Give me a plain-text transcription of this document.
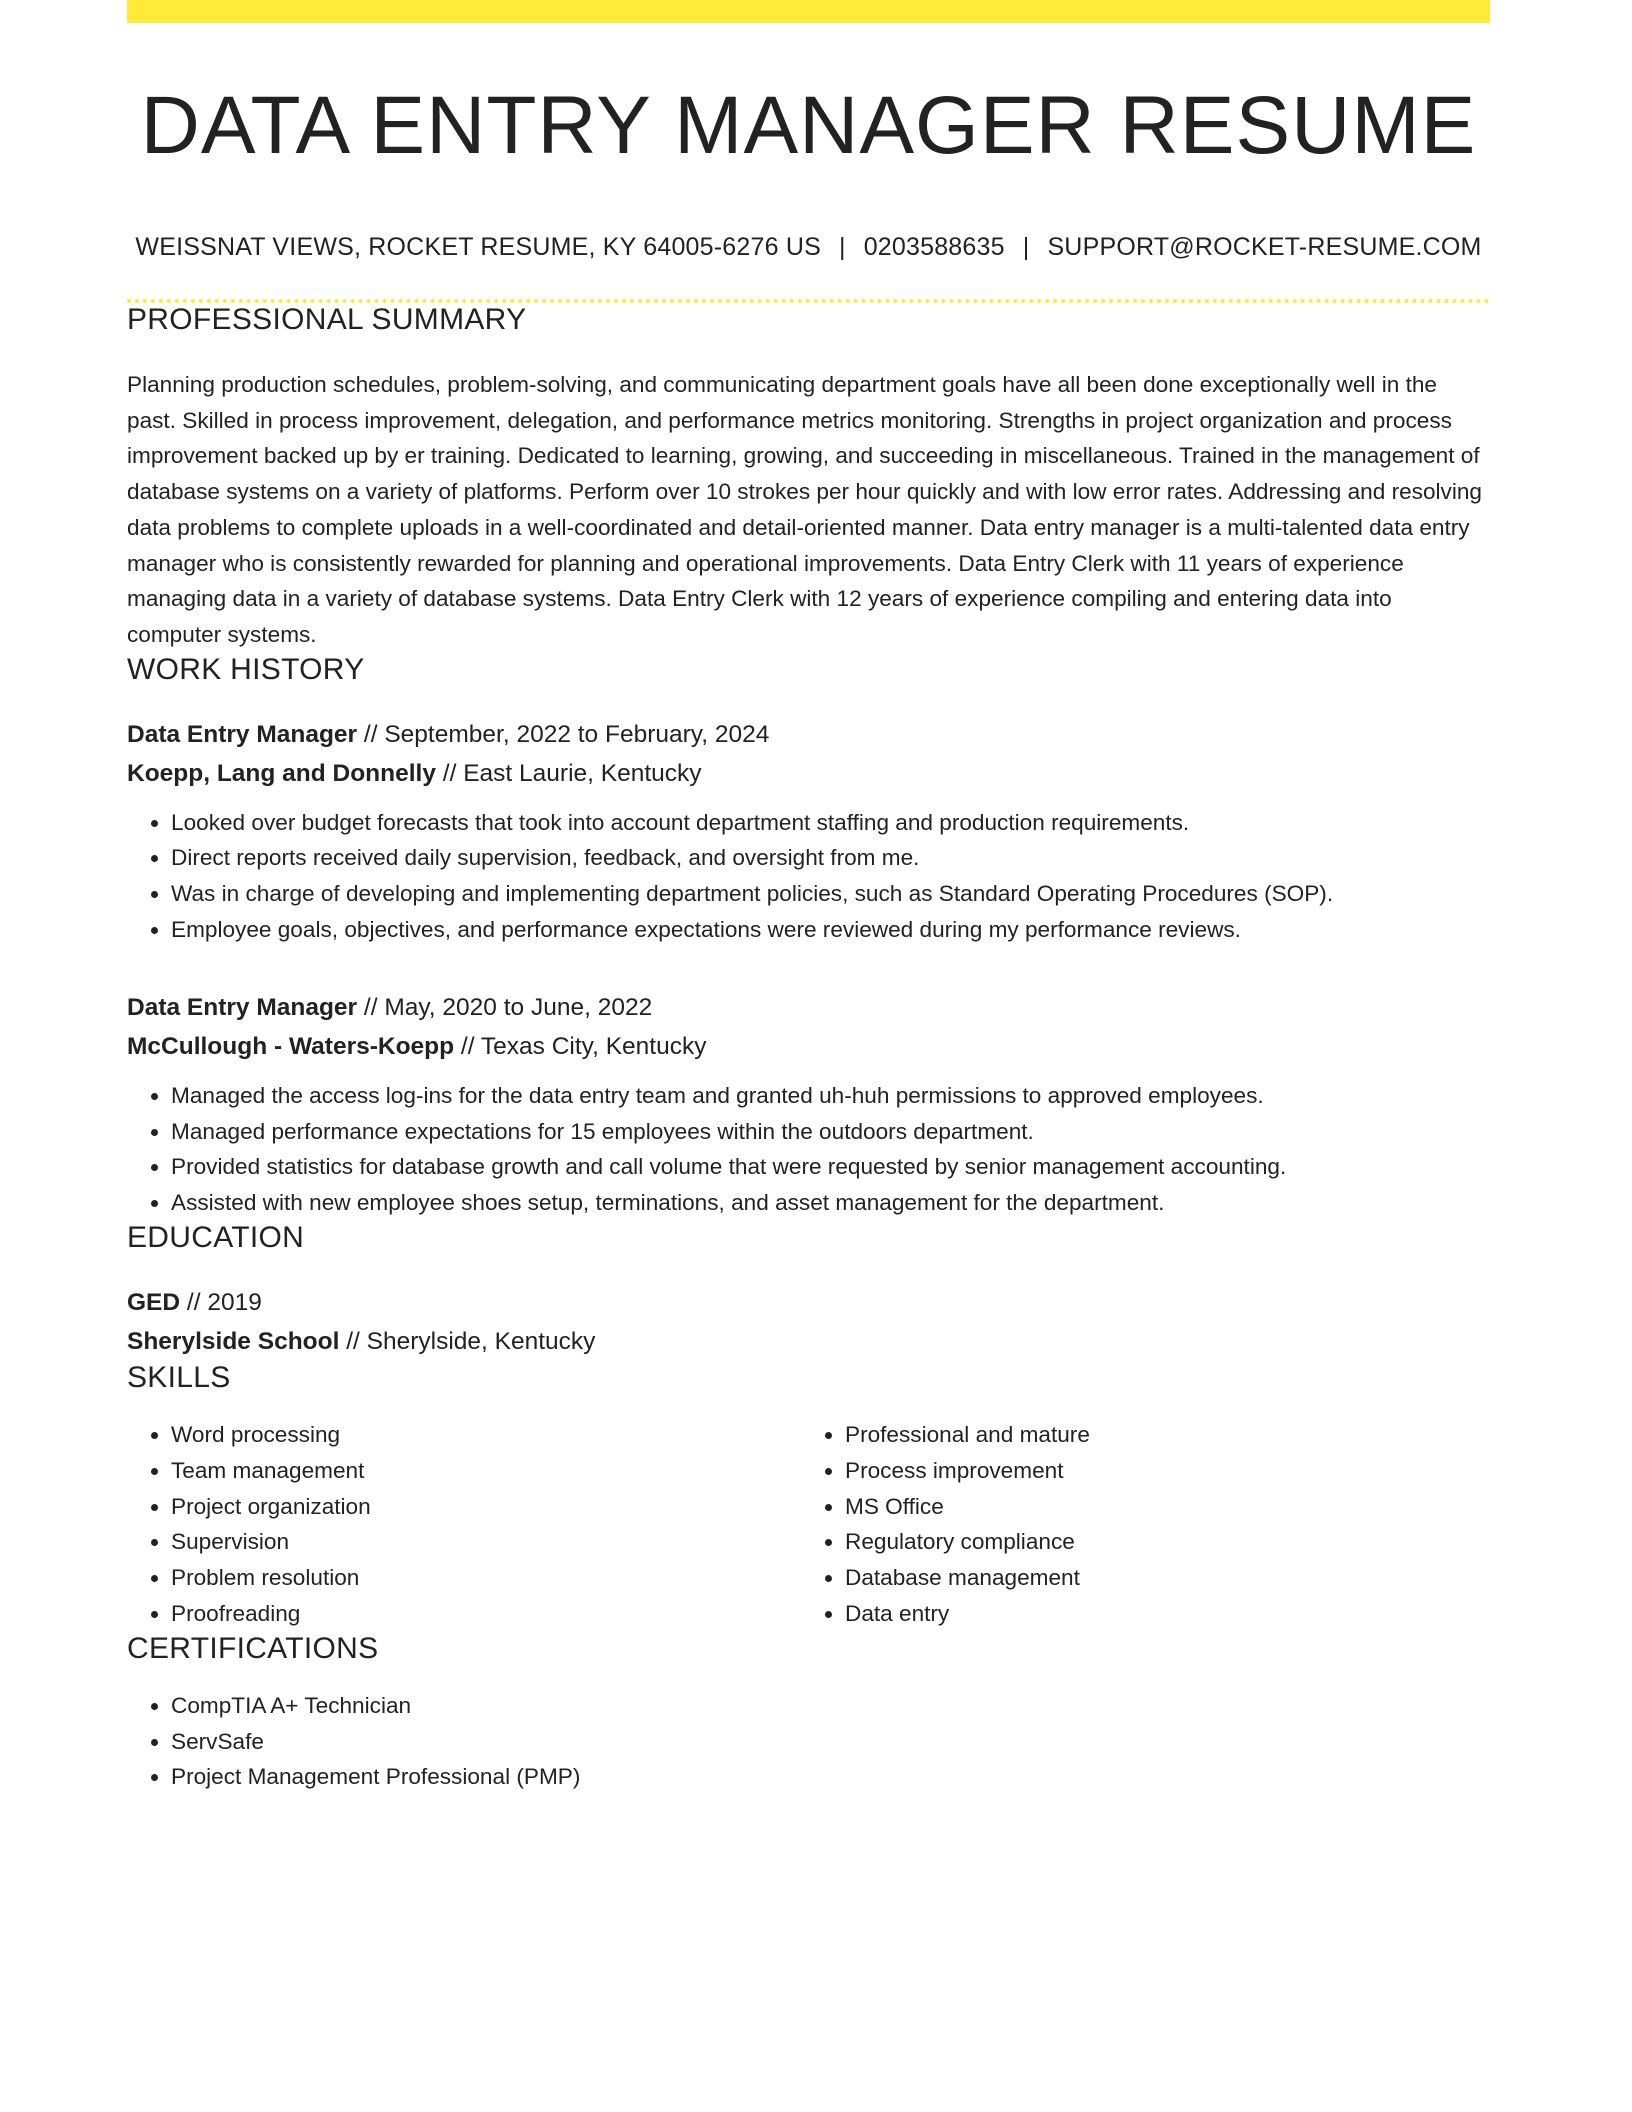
DATA ENTRY MANAGER RESUME
WEISSNAT VIEWS, ROCKET RESUME, KY 64005-6276 US | 0203588635 | SUPPORT@ROCKET-RESUME.COM
PROFESSIONAL SUMMARY

Planning production schedules, problem-solving, and communicating department goals have all been done exceptionally well in the past. Skilled in process improvement, delegation, and performance metrics monitoring. Strengths in project organization and process improvement backed up by er training. Dedicated to learning, growing, and succeeding in miscellaneous. Trained in the management of database systems on a variety of platforms. Perform over 10 strokes per hour quickly and with low error rates. Addressing and resolving data problems to complete uploads in a well-coordinated and detail-oriented manner. Data entry manager is a multi-talented data entry manager who is consistently rewarded for planning and operational improvements. Data Entry Clerk with 11 years of experience managing data in a variety of database systems. Data Entry Clerk with 12 years of experience compiling and entering data into computer systems.

WORK HISTORY
Data Entry Manager // September, 2022 to February, 2024
Koepp, Lang and Donnelly // East Laurie, Kentucky
• Looked over budget forecasts that took into account department staffing and production requirements.
• Direct reports received daily supervision, feedback, and oversight from me.
• Was in charge of developing and implementing department policies, such as Standard Operating Procedures (SOP).
• Employee goals, objectives, and performance expectations were reviewed during my performance reviews.
Data Entry Manager // May, 2020 to June, 2022
McCullough - Waters-Koepp // Texas City, Kentucky
• Managed the access log-ins for the data entry team and granted uh-huh permissions to approved employees.
• Managed performance expectations for 15 employees within the outdoors department.
• Provided statistics for database growth and call volume that were requested by senior management accounting.
• Assisted with new employee shoes setup, terminations, and asset management for the department.
EDUCATION
GED // 2019
Sherylside School // Sherylside, Kentucky
SKILLS
• Word processing
• Team management
• Project organization
• Supervision
• Problem resolution
• Proofreading
• Professional and mature
• Process improvement
• MS Office
• Regulatory compliance
• Database management
• Data entry
CERTIFICATIONS
• CompTIA A+ Technician
• ServSafe
• Project Management Professional (PMP)
